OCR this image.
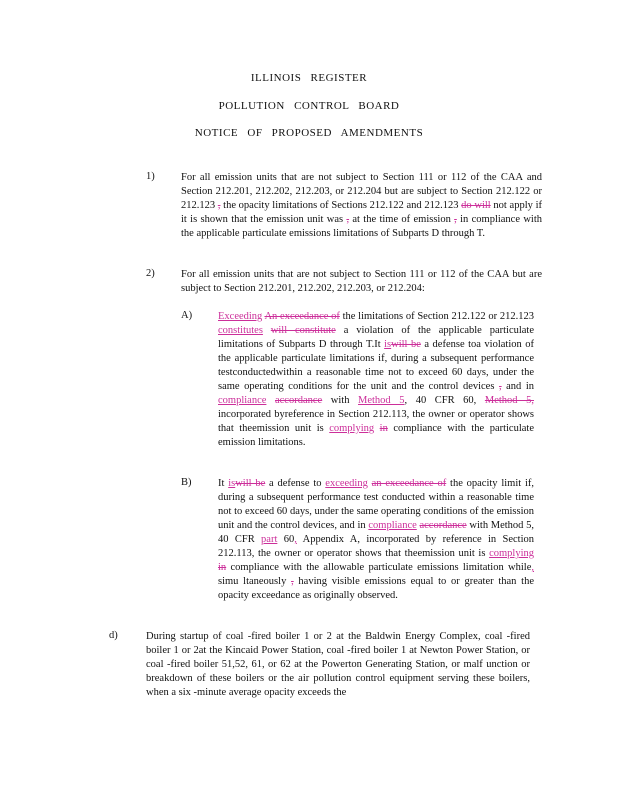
ILLINOIS REGISTER
POLLUTION CONTROL BOARD
NOTICE OF PROPOSED AMENDMENTS
1)	For all emission units that are not subject to Section 111 or 112 of the CAA and Section 212.201, 212.202, 212.203, or 212.204 but are subject to Section 212.122 or 212.123 , the opacity limitations of Sections 212.122 and 212.123 do will not apply if it is shown that the emission unit was , at the time of emission , in compliance with the applicable particulate emissions limitations of Subparts D through T.
2)	For all emission units that are not subject to Section 111 or 112 of the CAA but are subject to Section 212.201, 212.202, 212.203, or 212.204:
A) Exceeding An exceedance of the limitations of Section 212.122 or 212.123 constitutes will constitute a violation of the applicable particulate limitations of Subparts D through T.It iswill be a defense toa violation of the applicable particulate limitations if, during a subsequent performance testconductedwithin a reasonable time not to exceed 60 days, under the same operating conditions for the unit and the control devices , and in compliance accordance with Method 5, 40 CFR 60, Method 5, incorporated byreference in Section 212.113, the owner or operator shows that theemission unit is complying in compliance with the particulate emission limitations.
B)	It iswill be a defense to exceeding an exceedance of the opacity limit if, during a subsequent performance test conducted within a reasonable time not to exceed 60 days, under the same operating conditions of the emission unit and the control devices, and in compliance accordance with Method 5, 40 CFR part 60, Appendix A, incorporated by reference in Section 212.113, the owner or operator shows that theemission unit is complying in compliance with the allowable particulate emissions limitation while, simu ltaneously , having visible emissions equal to or greater than the opacity exceedance as originally observed.
d)	During startup of coal -fired boiler 1 or 2 at the Baldwin Energy Complex, coal -fired boiler 1 or 2at the Kincaid Power Station, coal -fired boiler 1 at Newton Power Station, or coal -fired boiler 51,52, 61, or 62 at the Powerton Generating Station, or malf unction or breakdown of these boilers or the air pollution control equipment serving these boilers, when a six -minute average opacity exceeds the
